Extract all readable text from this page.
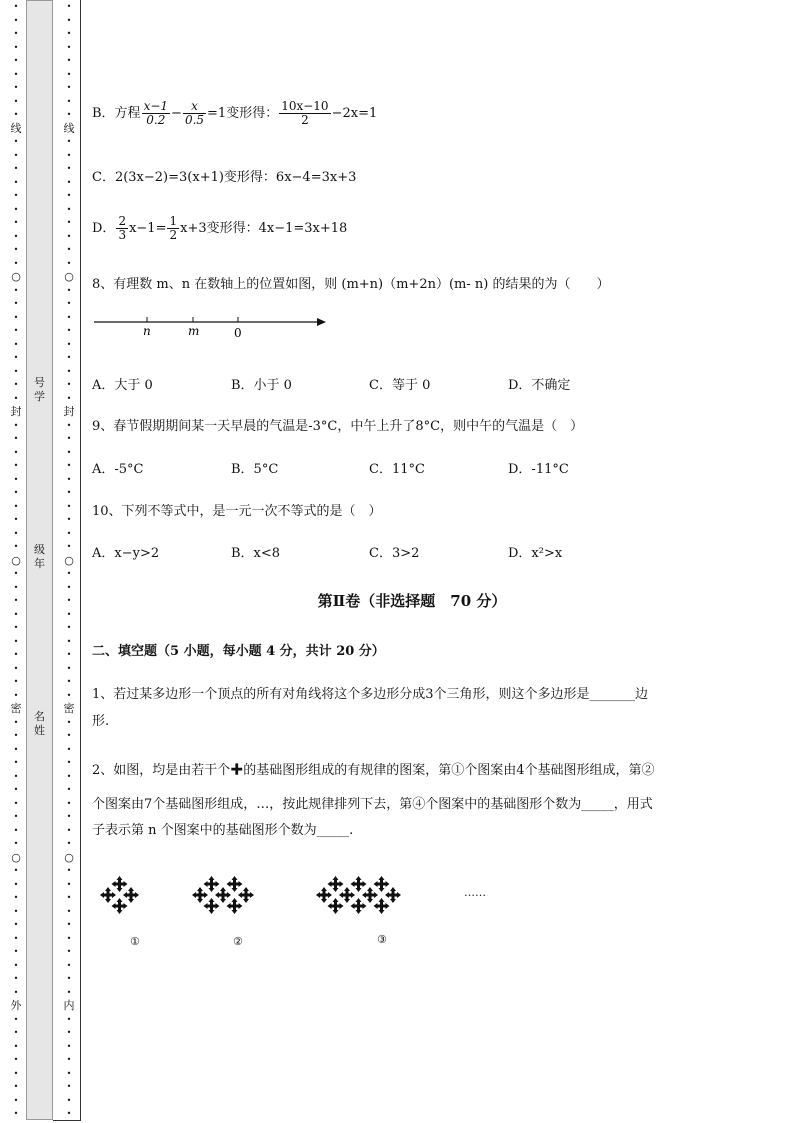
•
•
•
•
•
•
•
•
•
线
•
•
•
•
•
•
•
•
•
•
○
•
•
•
•
•
•
•
•
•
封
•
•
•
•
•
•
•
•
•
•
○
•
•
•
•
•
•
•
•
•
•
密
•
•
•
•
•
•
•
•
•
•
○
•
•
•
•
•
•
•
•
•
•
外
•
•
•
•
•
•
•
•
•
•
•
•
•
•
•
•
•
线
•
•
•
•
•
•
•
•
•
•
○
•
•
•
•
•
•
•
•
•
封
•
•
•
•
•
•
•
•
•
•
○
•
•
•
•
•
•
•
•
•
•
密
•
•
•
•
•
•
•
•
•
•
○
•
•
•
•
•
•
•
•
•
•
内
•
•
•
•
•
•
•
•
号
学
级
年
名
姓
B．方程 $\frac{x-1}{0.2} - \frac{x}{0.5} =1$变形得： $\frac{10x-10}{2} -2x=1$
C．2(3x−2)=3(x+1)变形得：6x−4=3x+3
D． $\frac{2}{3} x-1= \frac{1}{2} x+3$变形得：4x−1=3x+18
8、有理数 m、n 在数轴上的位置如图，则 (m+n)（m+2n）(m- n) 的结果的为（　　）
n	m	0
A．大于 0	B．小于 0	C．等于 0	D．不确定
9、春节假期期间某一天早晨的气温是-3°C，中午上升了8°C，则中午的气温是（　）
A．-5°C	B．5°C	C．11°C	D．-11°C
10、下列不等式中，是一元一次不等式的是（　）
A．x−y>2	B．x<8	C．3>2	D．x²>x
第Ⅱ卷（非选择题　70 分）
二、填空题（5 小题，每小题 4 分，共计 20 分）
1、若过某多边形一个顶点的所有对角线将这个多边形分成3个三角形，则这个多边形是_______边
形.
2、如图，均是由若干个✚的基础图形组成的有规律的图案，第①个图案由4个基础图形组成，第②
个图案由7个基础图形组成，…，按此规律排列下去，第④个图案中的基础图形个数为_____，用式
子表示第 n 个图案中的基础图形个数为_____.
①	②	③
……
